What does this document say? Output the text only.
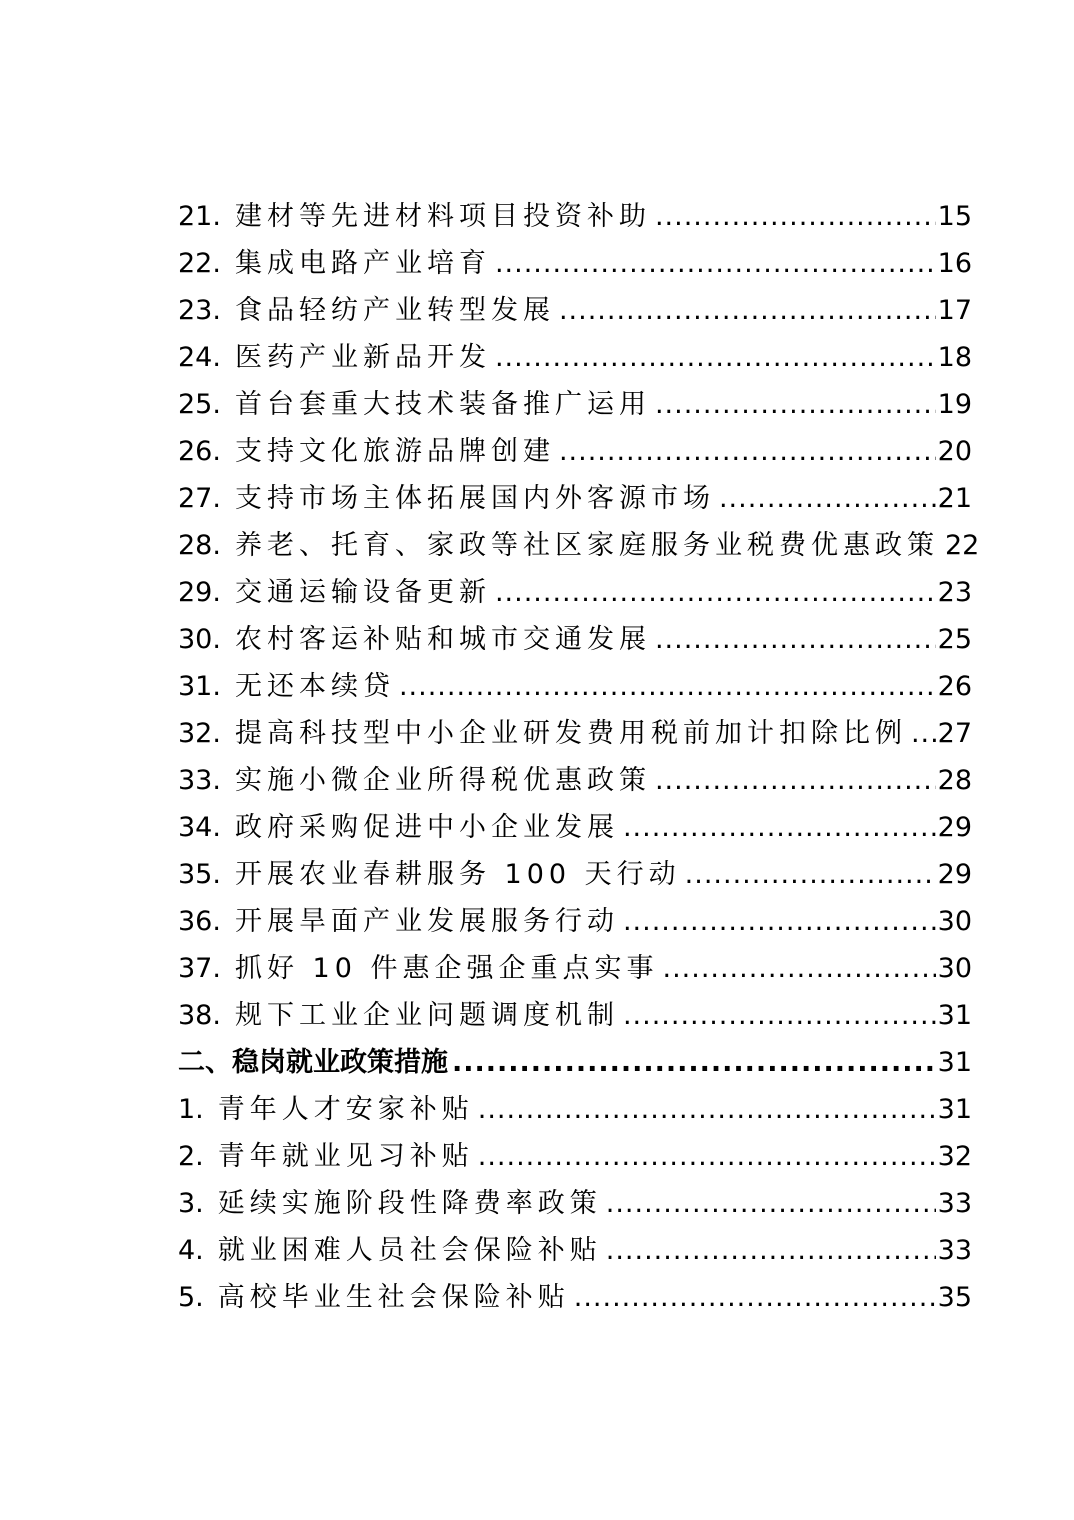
21. 建材等先进材料项目投资补助 .....	15
22. 集成电路产业培育 .....	16
23. 食品轻纺产业转型发展 .....	17
24. 医药产业新品开发 .....	18
25. 首台套重大技术装备推广运用 .....	19
26. 支持文化旅游品牌创建 .....	20
27. 支持市场主体拓展国内外客源市场 .....	21
28. 养老、托育、家政等社区家庭服务业税费优惠政策 22
29. 交通运输设备更新 .....	23
30. 农村客运补贴和城市交通发展 .....	25
31. 无还本续贷 .....	26
32. 提高科技型中小企业研发费用税前加计扣除比例 ..... 27
33. 实施小微企业所得税优惠政策 .....	28
34. 政府采购促进中小企业发展 .....	29
35. 开展农业春耕服务 100 天行动 .....	29
36. 开展旱面产业发展服务行动 .....	30
37. 抓好 10 件惠企强企重点实事 .....	30
38. 规下工业企业问题调度机制 .....	31
二、稳岗就业政策措施 .....	31
1. 青年人才安家补贴 .....	31
2. 青年就业见习补贴 .....	32
3. 延续实施阶段性降费率政策 .....	33
4. 就业困难人员社会保险补贴 .....	33
5. 高校毕业生社会保险补贴 .....	35
